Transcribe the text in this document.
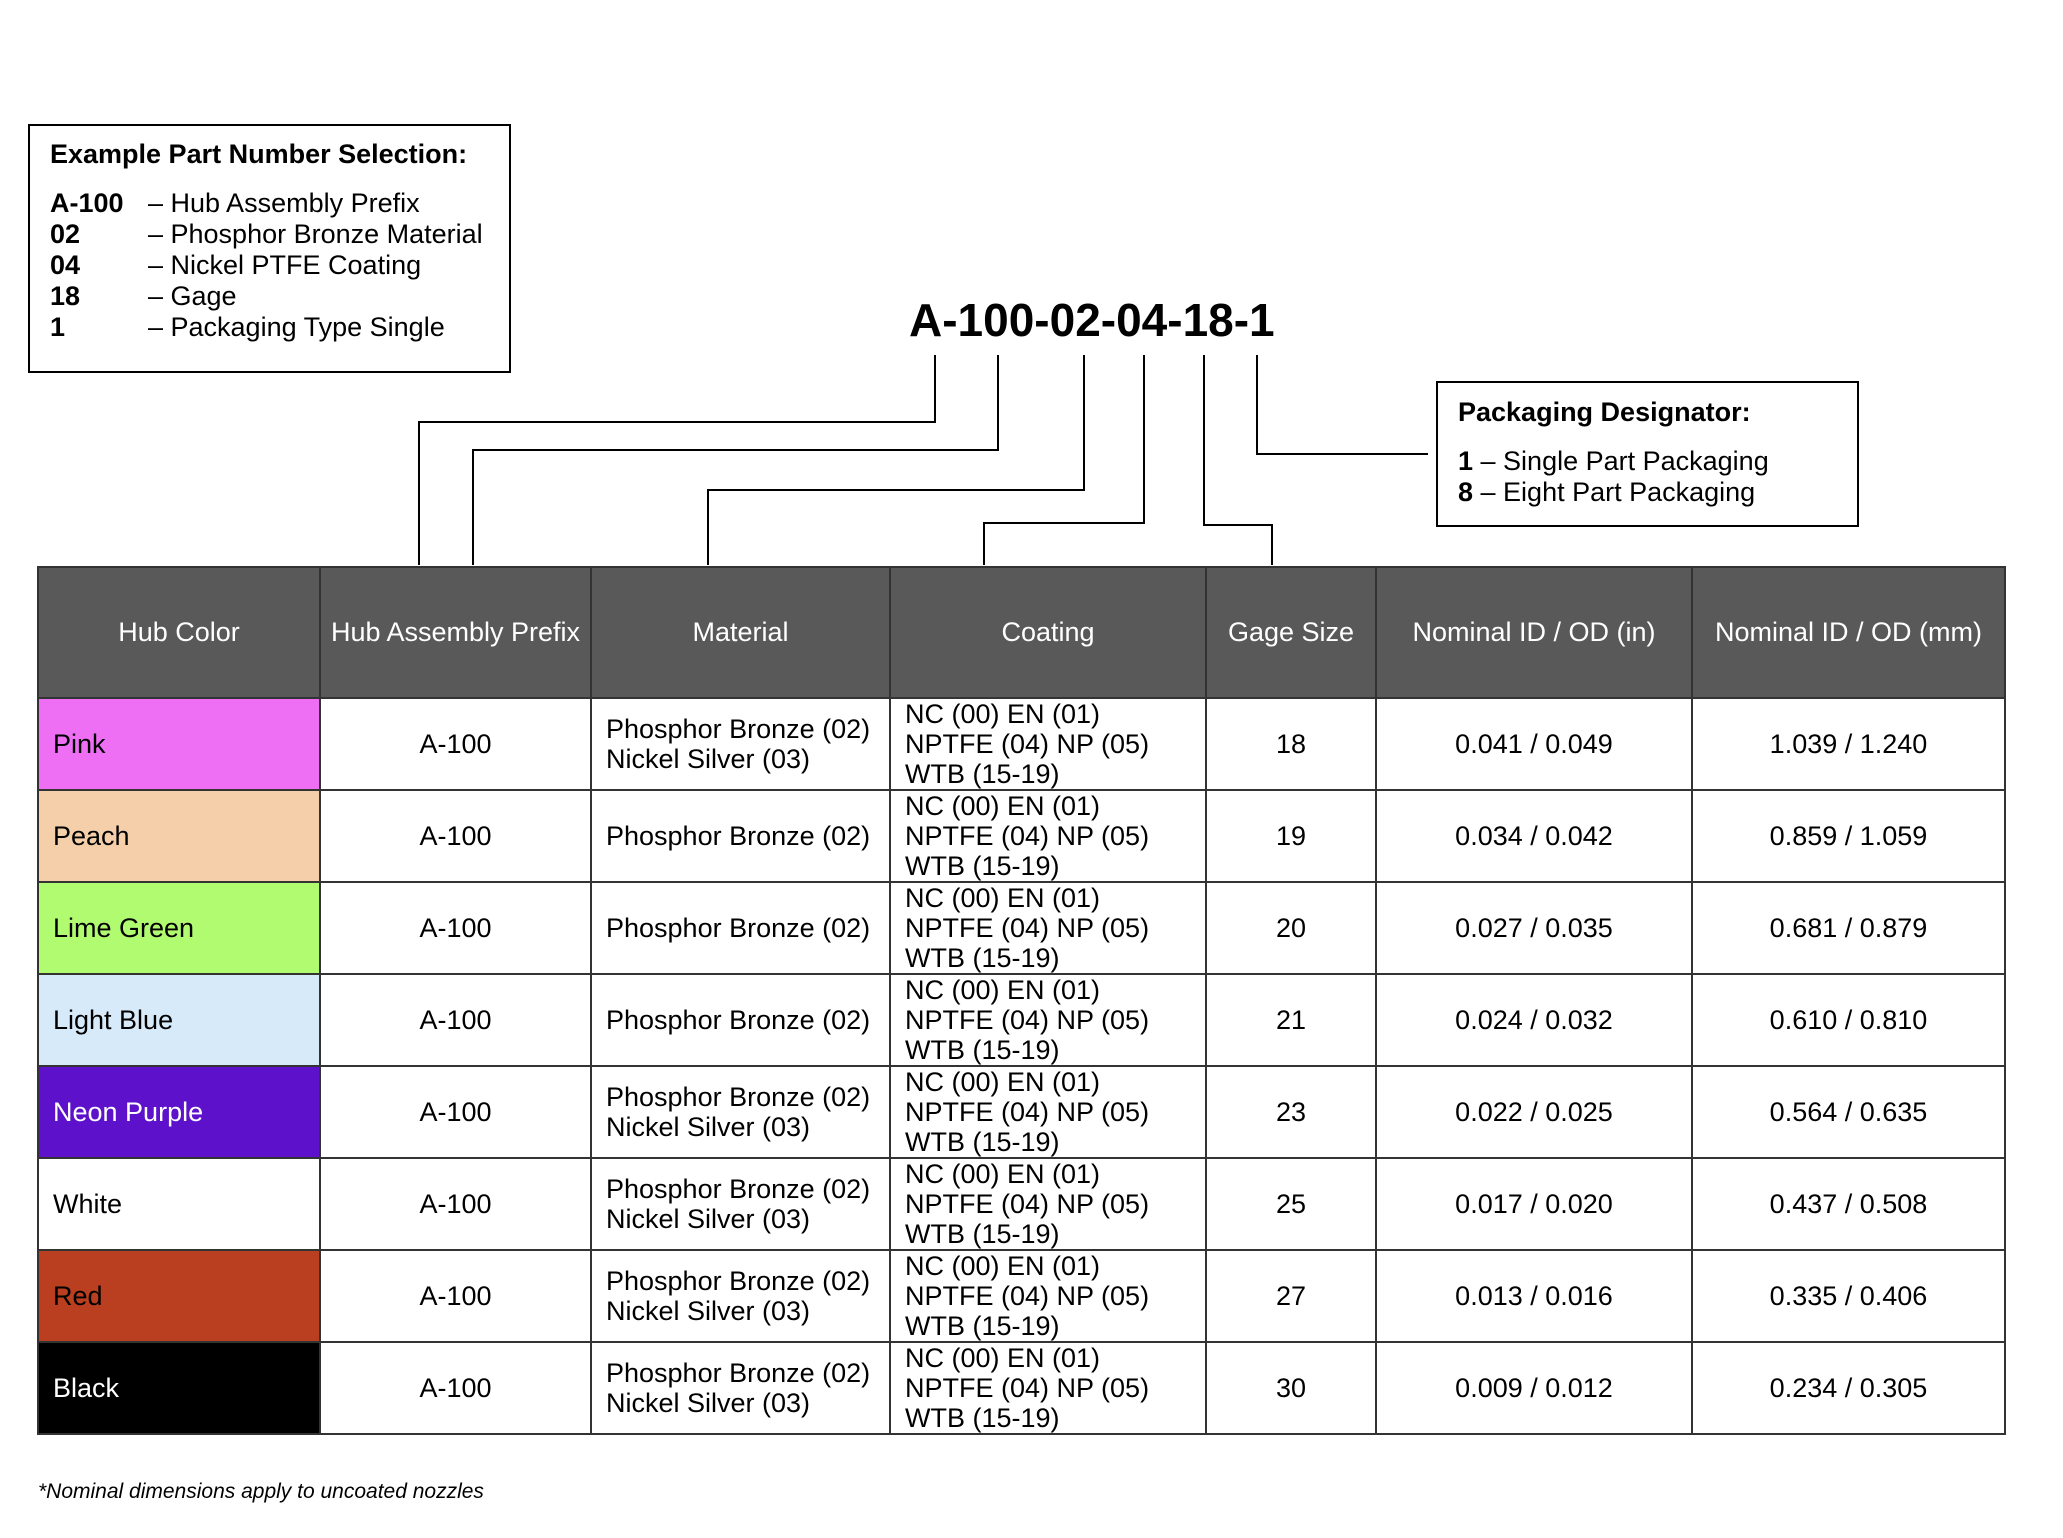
Example Part Number Selection:
A-100 – Hub Assembly Prefix
02	– Phosphor Bronze Material
04	– Nickel PTFE Coating
18	– Gage
1	– Packaging Type Single	A-100-02-04-18-1
Packaging Designator:
1 – Single Part Packaging
8 – Eight Part Packaging
Hub Color	Hub Assembly Prefix	Material	Coating	Gage Size	Nominal ID / OD (in)	Nominal ID / OD (mm)
Pink	A-100	Phosphor Bronze (02)
Nickel Silver (03)	NC (00) EN (01)
NPTFE (04) NP (05)
WTB (15-19)	18	0.041 / 0.049	1.039 / 1.240
Peach	A-100	Phosphor Bronze (02)	NC (00) EN (01)
NPTFE (04) NP (05)
WTB (15-19)	19	0.034 / 0.042	0.859 / 1.059
Lime Green	A-100	Phosphor Bronze (02)	NC (00) EN (01)
NPTFE (04) NP (05)
WTB (15-19)	20	0.027 / 0.035	0.681 / 0.879
Light Blue	A-100	Phosphor Bronze (02)	NC (00) EN (01)
NPTFE (04) NP (05)
WTB (15-19)	21	0.024 / 0.032	0.610 / 0.810
Neon Purple	A-100	Phosphor Bronze (02)
Nickel Silver (03)	NC (00) EN (01)
NPTFE (04) NP (05)
WTB (15-19)	23	0.022 / 0.025	0.564 / 0.635
White	A-100	Phosphor Bronze (02)
Nickel Silver (03)	NC (00) EN (01)
NPTFE (04) NP (05)
WTB (15-19)	25	0.017 / 0.020	0.437 / 0.508
Red	A-100	Phosphor Bronze (02)
Nickel Silver (03)	NC (00) EN (01)
NPTFE (04) NP (05)
WTB (15-19)	27	0.013 / 0.016	0.335 / 0.406
Black	A-100	Phosphor Bronze (02)
Nickel Silver (03)	NC (00) EN (01)
NPTFE (04) NP (05)
WTB (15-19)	30	0.009 / 0.012	0.234 / 0.305
*Nominal dimensions apply to uncoated nozzles
